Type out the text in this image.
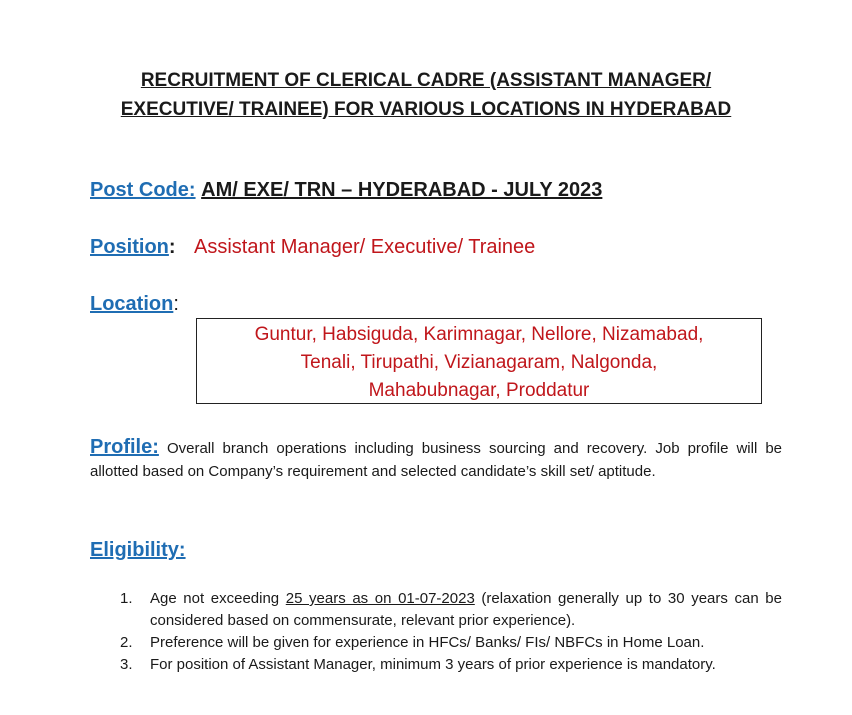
RECRUITMENT OF CLERICAL CADRE (ASSISTANT MANAGER/
EXECUTIVE/ TRAINEE) FOR VARIOUS LOCATIONS IN HYDERABAD
Post Code: AM/ EXE/ TRN – HYDERABAD - JULY 2023
Position: Assistant Manager/ Executive/ Trainee
Location:
Guntur, Habsiguda, Karimnagar, Nellore, Nizamabad,
Tenali, Tirupathi, Vizianagaram, Nalgonda,
Mahabubnagar, Proddatur
Profile: Overall branch operations including business sourcing and recovery. Job profile will be allotted based on Company’s requirement and selected candidate’s skill set/ aptitude.
Eligibility:
1. Age not exceeding 25 years as on 01-07-2023 (relaxation generally up to 30 years can be considered based on commensurate, relevant prior experience).
2. Preference will be given for experience in HFCs/ Banks/ FIs/ NBFCs in Home Loan.
3. For position of Assistant Manager, minimum 3 years of prior experience is mandatory.
